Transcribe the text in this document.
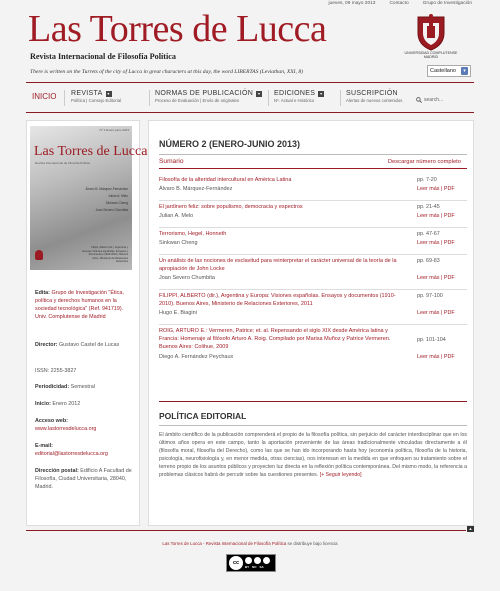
jueves, 09 mayo 2013	Contacto	Grupo de Investigación
Las Torres de Lucca
Revista Internacional de Filosofía Política
There is written on the Turrets of the city of Lucca in great characters at this day, the word LIBERTAS (Leviathan, XXI, 8)
UNIVERSIDAD COMPLUTENSE
MADRID
Castellano	▾
INICIO REVISTA	▾
Política | Consejo Editorial
NORMAS DE PUBLICACIÓN	▾
Proceso de Evaluación | Envío de originales
EDICIONES	▾
Nº. Actual e Histórico
SUSCRIPCIÓN
Alertas de nuevos contenidos	search...
Nº 2 Enero-junio 2013
Las Torres de Lucca
Revista Internacional de Filosofía Política
Álvaro B. Márquez-Fernández
Julian A. Melo
Sinkwan Cheng
Joan Severo Chumbita
Filippi, Alberto (dir.), Argentina y Europa: Visiones españolas. Ensayos y documentos (1910-2010). Buenos Aires, Ministerio de Relaciones Exteriores
Edita: Grupo de Investigación "Ética, política y derechos humanos en la sociedad tecnológica" (Ref. 941719). Univ. Complutense de Madrid
Director: Gustavo Castel de Lucas
ISSN: 2255-3827
Periodicidad: Semestral
Inicio: Enero 2012
Acceso web:
www.lastorresdelucca.org
E-mail:
editorial@lastorresdelucca.org
Dirección postal: Edificio A Facultad de Filosofía, Ciudad Universitaria, 28040, Madrid.
NÚMERO 2 (ENERO-JUNIO 2013)
Sumario	Descargar número completo
Filosofía de la alteridad intercultural en América Latina
Álvaro B. Márquez-Fernández
pp. 7-20
Leer más | PDF
El jardinero feliz: sobre populismo, democracia y espectros
Julian A. Melo
pp. 21-45
Leer más | PDF
Terrorismo, Hegel, Honneth
Sinkwan Cheng
pp. 47-67
Leer más | PDF
Un análisis de las nociones de esclavitud para reinterpretar el carácter universal de la teoría de la apropiación de John Locke
Joan Severo Chumbita
pp. 69-83
Leer más | PDF
FILIPPI, ALBERTO (dir.), Argentina y Europa: Visiones españolas. Ensayos y documentos (1910-2010). Buenos Aires, Ministerio de Relaciones Exteriores, 2011
Hugo E. Biagini
pp. 97-100
Leer más | PDF
ROIG, ARTURO E.: Vermeren, Patrice; et. al. Repensando el siglo XIX desde América latina y Francia: Homenaje al filósofo Arturo A. Roig. Compilado por Marisa Muñoz y Patrice Vermeren. Buenos Aires: Colihue, 2009
Diego A. Fernández Peychaux
pp. 101-104
Leer más | PDF
POLÍTICA EDITORIAL
El ámbito científico de la publicación comprenderá el propio de la filosofía política, sin perjuicio del carácter interdisciplinar que en los últimos años opera en este campo, tanto la aportación proveniente de las áreas tradicionalmente vinculadas directamente a él (filosofía moral, filosofía del Derecho), como las que se han ido incorporando hasta hoy (economía política, filosofía de la historia, psicología, neurofisiología y, en menor medida, otras ciencias), nos interesan en la medida en que enfoquen su tratamiento sobre el terreno propio de los asuntos públicos y proyecten luz directa en la reflexión política contemporánea. Del mismo modo, la referencia a problemas clásicos habrá de percutir sobre las cuestiones presentes. [+ Seguir leyendo]
▲
Las Torres de Lucca - Revista Internacional de Filosofía Política se distribuye bajo licencia
cc
BY NC SA
